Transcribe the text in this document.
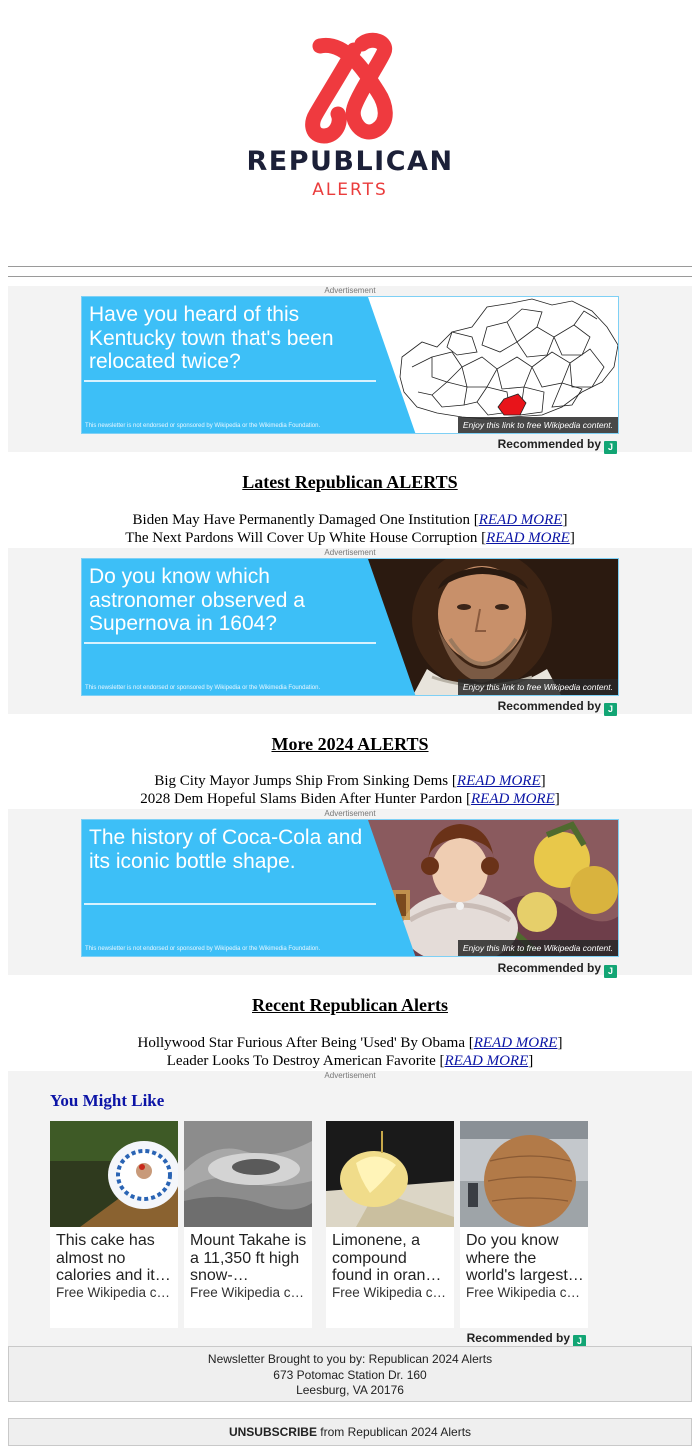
REPUBLICAN
ALERTS
Advertisement
Have you heard of this Kentucky town that's been relocated twice?
This newsletter is not endorsed or sponsored by Wikipedia or the Wikimedia Foundation.	Enjoy this link to free Wikipedia content.
Recommended by J
Latest Republican ALERTS
Biden May Have Permanently Damaged One Institution [READ MORE]
The Next Pardons Will Cover Up White House Corruption [READ MORE]
Advertisement
Do you know which astronomer observed a Supernova in 1604?
This newsletter is not endorsed or sponsored by Wikipedia or the Wikimedia Foundation.	Enjoy this link to free Wikipedia content.
Recommended by J
More 2024 ALERTS
Big City Mayor Jumps Ship From Sinking Dems [READ MORE]
2028 Dem Hopeful Slams Biden After Hunter Pardon [READ MORE]
Advertisement
The history of Coca-Cola and its iconic bottle shape.
This newsletter is not endorsed or sponsored by Wikipedia or the Wikimedia Foundation.	Enjoy this link to free Wikipedia content.
Recommended by J
Recent Republican Alerts
Hollywood Star Furious After Being 'Used' By Obama [READ MORE]
Leader Looks To Destroy American Favorite [READ MORE]
Advertisement
You Might Like
This cake has almost no calories and it…
Free Wikipedia c…
Mount Takahe is a 11,350 ft high snow-…
Free Wikipedia c…
Limonene, a compound found in oran…
Free Wikipedia c…
Do you know where the world's largest…
Free Wikipedia c…
Recommended by J
Newsletter Brought to you by: Republican 2024 Alerts
673 Potomac Station Dr. 160
Leesburg, VA 20176
UNSUBSCRIBE from Republican 2024 Alerts
